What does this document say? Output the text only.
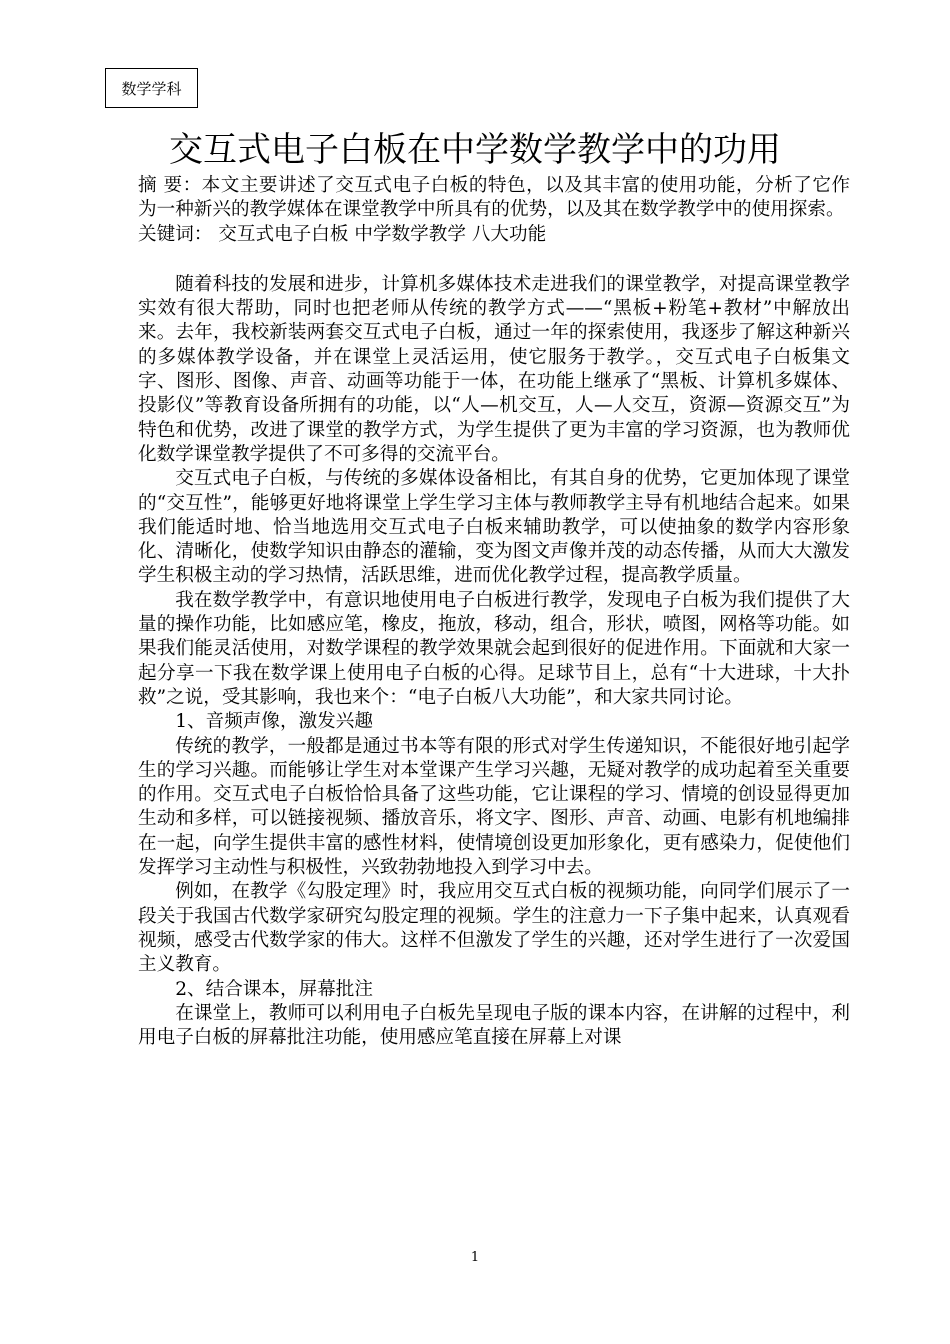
数学学科
交互式电子白板在中学数学教学中的功用

摘 要：本文主要讲述了交互式电子白板的特色，以及其丰富的使用功能，分析了它作为一种新兴的教学媒体在课堂教学中所具有的优势，以及其在数学教学中的使用探索。

关键词： 交互式电子白板 中学数学教学 八大功能

随着科技的发展和进步，计算机多媒体技术走进我们的课堂教学，对提高课堂教学实效有很大帮助，同时也把老师从传统的教学方式——“黑板+粉笔+教材”中解放出来。去年，我校新装两套交互式电子白板，通过一年的探索使用，我逐步了解这种新兴的多媒体教学设备，并在课堂上灵活运用，使它服务于教学。，交互式电子白板集文字、图形、图像、声音、动画等功能于一体，在功能上继承了“黑板、计算机多媒体、投影仪”等教育设备所拥有的功能，以“人—机交互，人—人交互，资源—资源交互”为特色和优势，改进了课堂的教学方式，为学生提供了更为丰富的学习资源，也为教师优化数学课堂教学提供了不可多得的交流平台。

交互式电子白板，与传统的多媒体设备相比，有其自身的优势，它更加体现了课堂的“交互性”，能够更好地将课堂上学生学习主体与教师教学主导有机地结合起来。如果我们能适时地、恰当地选用交互式电子白板来辅助教学，可以使抽象的数学内容形象化、清晰化，使数学知识由静态的灌输，变为图文声像并茂的动态传播，从而大大激发学生积极主动的学习热情，活跃思维，进而优化教学过程，提高教学质量。

我在数学教学中，有意识地使用电子白板进行教学，发现电子白板为我们提供了大量的操作功能，比如感应笔，橡皮，拖放，移动，组合，形状，喷图，网格等功能。如果我们能灵活使用，对数学课程的教学效果就会起到很好的促进作用。下面就和大家一起分享一下我在数学课上使用电子白板的心得。足球节目上，总有“十大进球，十大扑救”之说，受其影响，我也来个：“电子白板八大功能”，和大家共同讨论。

1、音频声像，激发兴趣

传统的教学，一般都是通过书本等有限的形式对学生传递知识，不能很好地引起学生的学习兴趣。而能够让学生对本堂课产生学习兴趣，无疑对教学的成功起着至关重要的作用。交互式电子白板恰恰具备了这些功能，它让课程的学习、情境的创设显得更加生动和多样，可以链接视频、播放音乐，将文字、图形、声音、动画、电影有机地编排在一起，向学生提供丰富的感性材料，使情境创设更加形象化，更有感染力，促使他们发挥学习主动性与积极性，兴致勃勃地投入到学习中去。

例如，在教学《勾股定理》时，我应用交互式白板的视频功能，向同学们展示了一段关于我国古代数学家研究勾股定理的视频。学生的注意力一下子集中起来，认真观看视频，感受古代数学家的伟大。这样不但激发了学生的兴趣，还对学生进行了一次爱国主义教育。

2、结合课本，屏幕批注

在课堂上，教师可以利用电子白板先呈现电子版的课本内容，在讲解的过程中，利用电子白板的屏幕批注功能，使用感应笔直接在屏幕上对课

1
